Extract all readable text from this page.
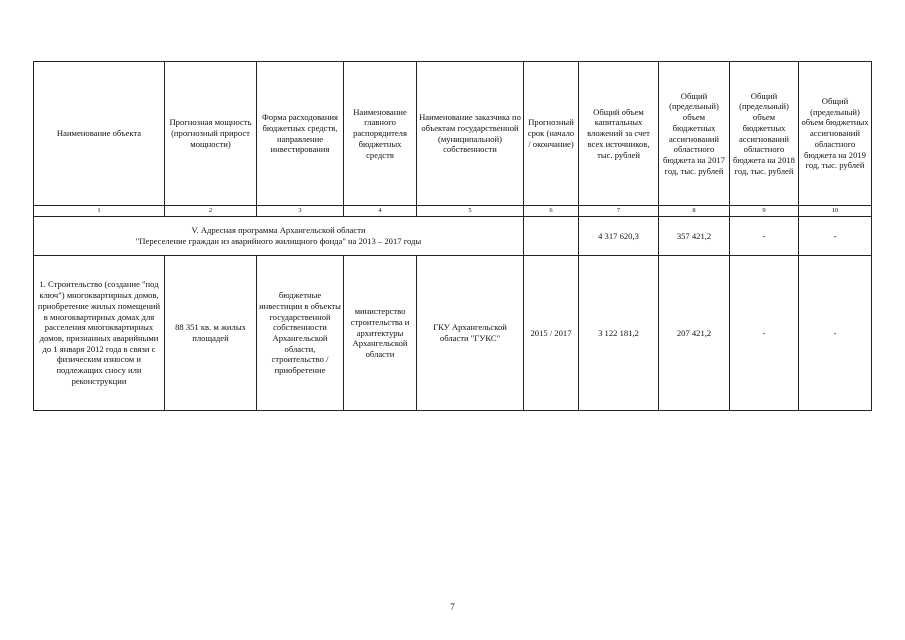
Наименование объекта	Прогнозная мощность (прогнозный прирост мощности)	Форма расходования бюджетных средств, направление инвестирования	Наименование главного распорядителя бюджетных средств	Наименование заказчика по объектам государственной (муниципальной) собственности	Прогнозный срок (начало / окончание)	Общий объем капитальных вложений за счет всех источников, тыс. рублей	Общий (предельный) объем бюджетных ассигнований областного бюджета на 2017 год, тыс. рублей	Общий (предельный) объем бюджетных ассигнований областного бюджета на 2018 год, тыс. рублей	Общий (предельный) объем бюджетных ассигнований областного бюджета на 2019 год, тыс. рублей
1	2	3	4	5	6	7	8	9	10

V. Адресная программа Архангельской области
"Переселение граждан из аварийного жилищного фонда" на 2013 – 2017 годы						4 317 620,3	357 421,2	-	-
1. Строительство (создание "под ключ") многоквартирных домов, приобретение жилых помещений в многоквартирных домах для расселения многоквартирных домов, признанных аварийными до 1 января 2012 года в связи с физическим износом и подлежащих сносу или реконструкции	88 351 кв. м жилых площадей	бюджетные инвестиции в объекты государственной собственности Архангельской области, строительство / приобретение	министерство строительства и архитектуры Архангельской области	ГКУ Архангельской области "ГУКС"	2015 / 2017	3 122 181,2	207 421,2	-	-
7
